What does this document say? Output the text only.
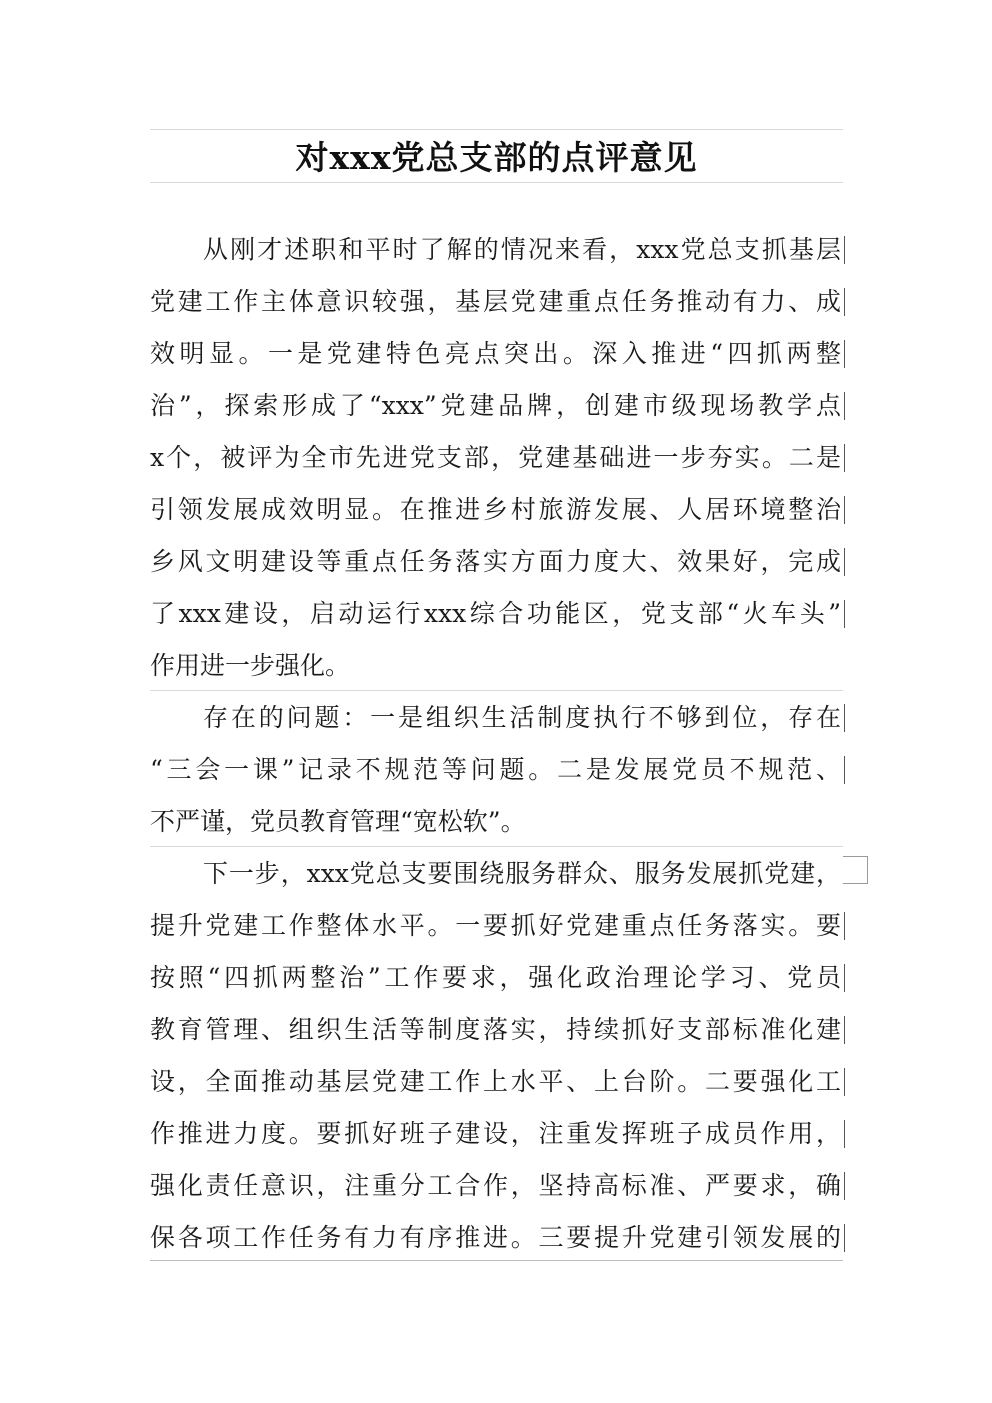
对xxx党总支部的点评意见
从刚才述职和平时了解的情况来看，xxx党总支抓基层
党建工作主体意识较强，基层党建重点任务推动有力、成
效明显。一是党建特色亮点突出。深入推进“四抓两整
治”，探索形成了“xxx”党建品牌，创建市级现场教学点
x个，被评为全市先进党支部，党建基础进一步夯实。二是
引领发展成效明显。在推进乡村旅游发展、人居环境整治
乡风文明建设等重点任务落实方面力度大、效果好，完成
了xxx建设，启动运行xxx综合功能区，党支部“火车头”
作用进一步强化。
存在的问题：一是组织生活制度执行不够到位，存在
“三会一课”记录不规范等问题。二是发展党员不规范、
不严谨，党员教育管理“宽松软”。
下一步，xxx党总支要围绕服务群众、服务发展抓党建，
提升党建工作整体水平。一要抓好党建重点任务落实。要
按照“四抓两整治”工作要求，强化政治理论学习、党员
教育管理、组织生活等制度落实，持续抓好支部标准化建
设，全面推动基层党建工作上水平、上台阶。二要强化工
作推进力度。要抓好班子建设，注重发挥班子成员作用，
强化责任意识，注重分工合作，坚持高标准、严要求，确
保各项工作任务有力有序推进。三要提升党建引领发展的
